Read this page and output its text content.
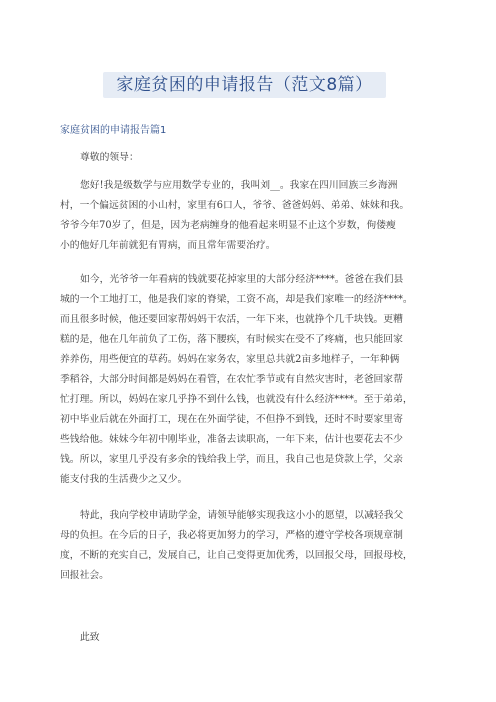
家庭贫困的申请报告（范文8篇）
家庭贫困的申请报告篇1
尊敬的领导：
您好!我是级数学与应用数学专业的，我叫刘__。我家在四川回族三乡海洲
村，一个偏远贫困的小山村，家里有6口人，爷爷、爸爸妈妈、弟弟、妹妹和我。
爷爷今年70岁了，但是，因为老病缠身的他看起来明显不止这个岁数，佝偻瘦
小的他好几年前就犯有胃病，而且常年需要治疗。
如今，光爷爷一年看病的钱就要花掉家里的大部分经济****。爸爸在我们县
城的一个工地打工，他是我们家的脊梁，工资不高，却是我们家唯一的经济****。
而且很多时候，他还要回家帮妈妈干农活，一年下来，也就挣个几千块钱。更糟
糕的是，他在几年前负了工伤，落下腰疾，有时候实在受不了疼痛，也只能回家
养养伤，用些便宜的草药。妈妈在家务农，家里总共就2亩多地样子，一年种俩
季稻谷，大部分时间都是妈妈在看管，在农忙季节或有自然灾害时，老爸回家帮
忙打理。所以，妈妈在家几乎挣不到什么钱，也就没有什么经济****。至于弟弟，
初中毕业后就在外面打工，现在在外面学徒，不但挣不到钱，还时不时要家里寄
些钱给他。妹妹今年初中刚毕业，准备去读职高，一年下来，估计也要花去不少
钱。所以，家里几乎没有多余的钱给我上学，而且，我自己也是贷款上学，父亲
能支付我的生活费少之又少。
特此，我向学校申请助学金，请领导能够实现我这小小的愿望，以减轻我父
母的负担。在今后的日子，我必将更加努力的学习，严格的遵守学校各项规章制
度，不断的充实自己，发展自己，让自己变得更加优秀，以回报父母，回报母校，
回报社会。
此致
